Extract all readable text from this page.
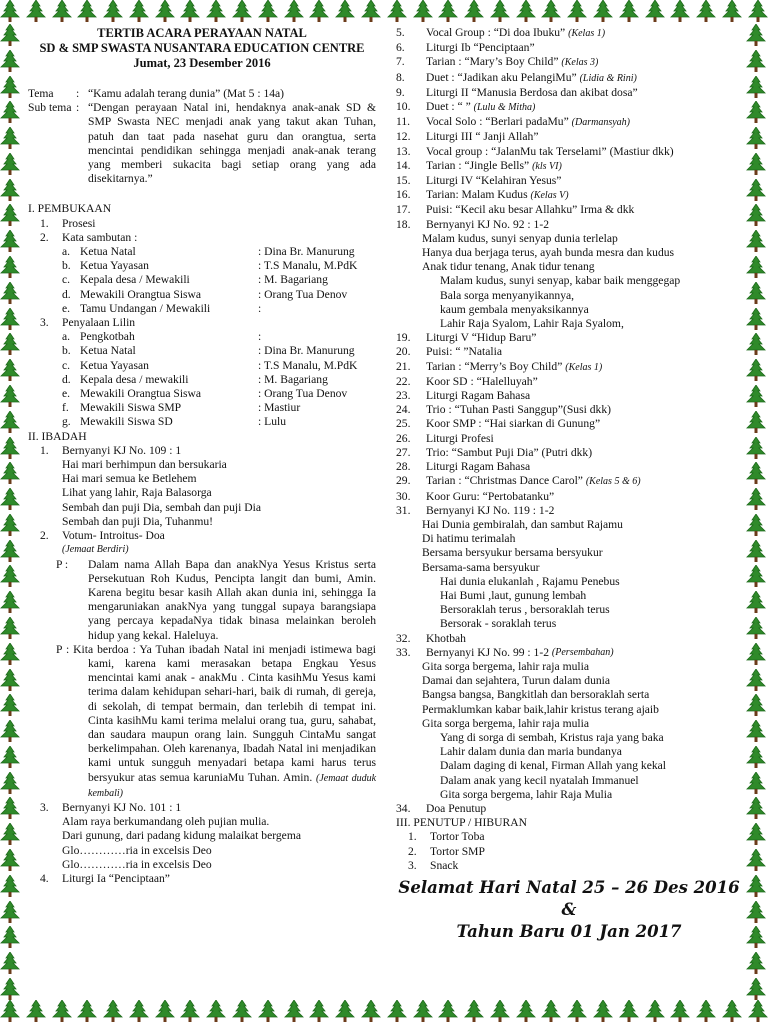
TERTIB ACARA PERAYAAN NATAL
SD & SMP SWASTA NUSANTARA EDUCATION CENTRE
Jumat, 23 Desember 2016
Tema	: “Kamu adalah terang dunia” (Mat 5 : 14a)
Sub tema : “Dengan perayaan Natal ini, hendaknya anak-anak SD & SMP Swasta NEC menjadi anak yang takut akan Tuhan, patuh dan taat pada nasehat guru dan orangtua, serta mencintai pendidikan sehingga menjadi anak-anak terang yang memberi sukacita bagi setiap orang yang ada disekitarnya.”
I. PEMBUKAAN
1.	Prosesi
2.	Kata sambutan :
a. Ketua Natal	: Dina Br. Manurung
b. Ketua Yayasan	: T.S Manalu, M.PdK
c. Kepala desa / Mewakili	: M. Bagariang
d. Mewakili Orangtua Siswa	: Orang Tua Denov
e. Tamu Undangan / Mewakili	:
3.	Penyalaan Lilin
a. Pengkotbah	:
b. Ketua Natal	: Dina Br. Manurung
c. Ketua Yayasan	: T.S Manalu, M.PdK
d. Kepala desa / mewakili	: M. Bagariang
e. Mewakili Orangtua Siswa	: Orang Tua Denov
f. Mewakili Siswa SMP	: Mastiur
g. Mewakili Siswa SD	: Lulu
II. IBADAH
1.	Bernyanyi KJ No. 109 : 1
Hai mari berhimpun dan bersukaria
Hai mari semua ke Betlehem
Lihat yang lahir, Raja Balasorga
Sembah dan puji Dia, sembah dan puji Dia
Sembah dan puji Dia, Tuhanmu!
2.	Votum- Introitus- Doa
(Jemaat Berdiri)
P :	Dalam nama Allah Bapa dan anakNya Yesus Kristus serta Persekutuan Roh Kudus, Pencipta langit dan bumi, Amin. Karena begitu besar kasih Allah akan dunia ini, sehingga Ia mengaruniakan anakNya yang tunggal supaya barangsiapa yang percaya kepadaNya tidak binasa melainkan beroleh hidup yang kekal. Haleluya.
P : Kita berdoa : Ya Tuhan ibadah Natal ini menjadi istimewa bagi kami, karena kami merasakan betapa Engkau Yesus mencintai kami anak - anakMu . Cinta kasihMu Yesus kami terima dalam kehidupan sehari-hari, baik di rumah, di gereja, di sekolah, di tempat bermain, dan terlebih di tempat ini. Cinta kasihMu kami terima melalui orang tua, guru, sahabat, dan saudara maupun orang lain. Sungguh CintaMu sangat berkelimpahan. Oleh karenanya, Ibadah Natal ini menjadikan kami untuk sungguh menyadari betapa kami harus terus bersyukur atas semua karuniaMu Tuhan. Amin. (Jemaat duduk kembali)
3.	Bernyanyi KJ No. 101 : 1
Alam raya berkumandang oleh pujian mulia.
Dari gunung, dari padang kidung malaikat bergema
Glo…………ria in excelsis Deo
Glo…………ria in excelsis Deo
4.	Liturgi Ia “Penciptaan”
5.	Vocal Group : “Di doa Ibuku” (Kelas 1)
6.	Liturgi Ib “Penciptaan”
7.	Tarian : “Mary’s Boy Child” (Kelas 3)
8.	Duet : “Jadikan aku PelangiMu” (Lidia & Rini)
9.	Liturgi II “Manusia Berdosa dan akibat dosa”
10.	Duet : “ ” (Lulu & Mitha)
11.	Vocal Solo : “Berlari padaMu” (Darmansyah)
12.	Liturgi III “ Janji Allah”
13.	Vocal group : “JalanMu tak Terselami” (Mastiur dkk)
14.	Tarian : “Jingle Bells” (kls VI)
15.	Liturgi IV “Kelahiran Yesus”
16.	Tarian: Malam Kudus (Kelas V)
17.	Puisi: “Kecil aku besar Allahku” Irma & dkk
18.	Bernyanyi KJ No. 92 : 1-2
Malam kudus, sunyi senyap dunia terlelap
Hanya dua berjaga terus, ayah bunda mesra dan kudus
Anak tidur tenang, Anak tidur tenang
Malam kudus, sunyi senyap, kabar baik menggegap
Bala sorga menyanyikannya,
kaum gembala menyaksikannya
Lahir Raja Syalom, Lahir Raja Syalom,
19.	Liturgi V “Hidup Baru”
20.	Puisi: “ ”Natalia
21.	Tarian : “Merry’s Boy Child” (Kelas 1)
22.	Koor SD : “Halelluyah”
23.	Liturgi Ragam Bahasa
24.	Trio : “Tuhan Pasti Sanggup”(Susi dkk)
25.	Koor SMP : “Hai siarkan di Gunung”
26.	Liturgi Profesi
27.	Trio: “Sambut Puji Dia” (Putri dkk)
28.	Liturgi Ragam Bahasa
29.	Tarian : “Christmas Dance Carol” (Kelas 5 & 6)
30.	Koor Guru: “Pertobatanku”
31.	Bernyanyi KJ No. 119 : 1-2
Hai Dunia gembiralah, dan sambut Rajamu
Di hatimu terimalah
Bersama bersyukur bersama bersyukur
Bersama-sama bersyukur
Hai dunia elukanlah , Rajamu Penebus
Hai Bumi ,laut, gunung lembah
Bersoraklah terus , bersoraklah terus
Bersorak - soraklah terus
32.	Khotbah
33.	Bernyanyi KJ No. 99 : 1-2
(Persembahan)
Gita sorga bergema, lahir raja mulia
Damai dan sejahtera, Turun dalam dunia
Bangsa bangsa, Bangkitlah dan bersoraklah serta
Permaklumkan kabar baik,lahir kristus terang ajaib
Gita sorga bergema, lahir raja mulia
Yang di sorga di sembah, Kristus raja yang baka
Lahir dalam dunia dan maria bundanya
Dalam daging di kenal, Firman Allah yang kekal
Dalam anak yang kecil nyatalah Immanuel
Gita sorga bergema, lahir Raja Mulia
34.	Doa Penutup
III. PENUTUP / HIBURAN
1.	Tortor Toba
2.	Tortor SMP
3.	Snack
Selamat Hari Natal 25 – 26 Des 2016
&
Tahun Baru 01 Jan 2017
